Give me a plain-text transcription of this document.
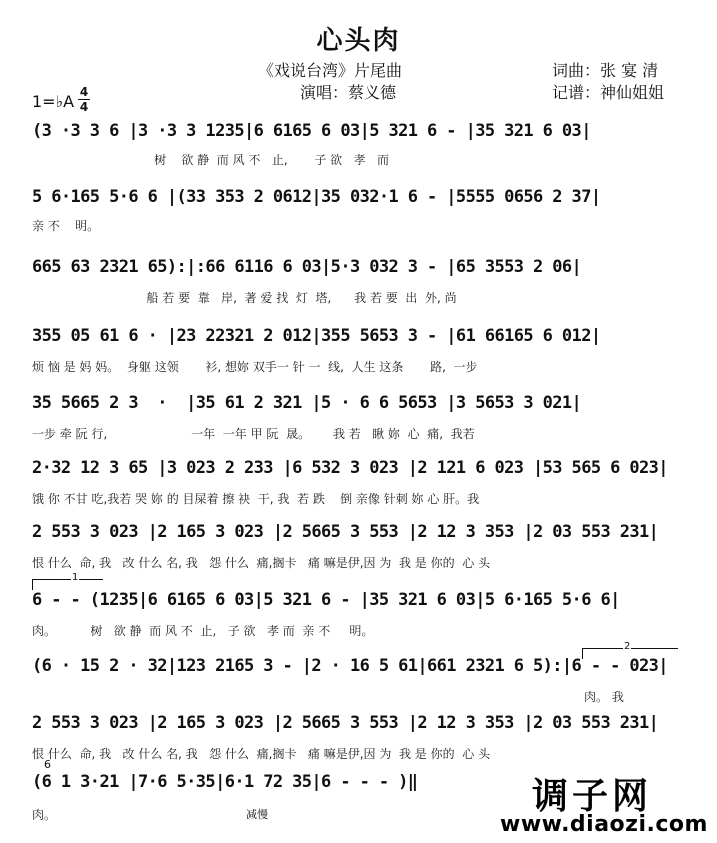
心头肉
《戏说台湾》片尾曲
演唱：蔡义德
词曲：张 宴 清
记谱：神仙姐姐
1=♭A 4
4
(3 ·3 3 6 |3 ·3 3 1235|6 6165 6 03|5 321 6 - |35 321 6 03|
树    欲 静  而 风 不   止,       子 欲   孝   而
5 6·165 5·6 6 |(33 353 2 0612|35 032·1 6 - |5555 0656 2 37|
亲 不    明。
665 63 2321 65):|:66 6116 6 03|5·3 032 3 - |65 3553 2 06|
船 若 要  靠   岸,  著 爱 找  灯  塔,      我 若 要  出  外, 尚
355 05 61 6 · |23 22321 2 012|355 5653 3 - |61 66165 6 012|
烦 恼 是 妈 妈。  身躯 这领       衫, 想妳 双手一 针 一  线,  人生 这条       路,  一步
35 5665 2 3  ·  |35 61 2 321 |5 · 6 6 5653 |3 5653 3 021|
一步 牵 阮 行,                      一年  一年 甲 阮  晟。      我 若   瞅 妳  心  痛,  我若
2·32 12 3 65 |3 023 2 233 |6 532 3 023 |2 121 6 023 |53 565 6 023|
饿 你 不甘 吃,我若 哭 妳 的 目屎着 擦 袂  干, 我  若 跌    倒 亲像 针刺 妳 心 肝。我
2 553 3 023 |2 165 3 023 |2 5665 3 553 |2 12 3 353 |2 03 553 231|
恨 什么  命, 我   改 什么 名, 我   怨 什么  痛,搁卡   痛 嘛是伊,因 为  我 是 你的  心 头
1
6 - - (1235|6 6165 6 03|5 321 6 - |35 321 6 03|5 6·165 5·6 6|
肉。         树   欲 静  而 风 不  止,   子 欲   孝 而  亲 不     明。
2
(6 · 15 2 · 32|123 2165 3 - |2 · 16 5 61|661 2321 6 5):|6 - - 023|
肉。 我
2 553 3 023 |2 165 3 023 |2 5665 3 553 |2 12 3 353 |2 03 553 231|
恨 什么  命, 我   改 什么 名, 我   怨 什么  痛,搁卡   痛 嘛是伊,因 为  我 是 你的  心 头
6
(6 1 3·21 |7·6 5·35|6·1 72 35|6 - - - )‖
肉。	减慢	调子网
www.diaozi.com
